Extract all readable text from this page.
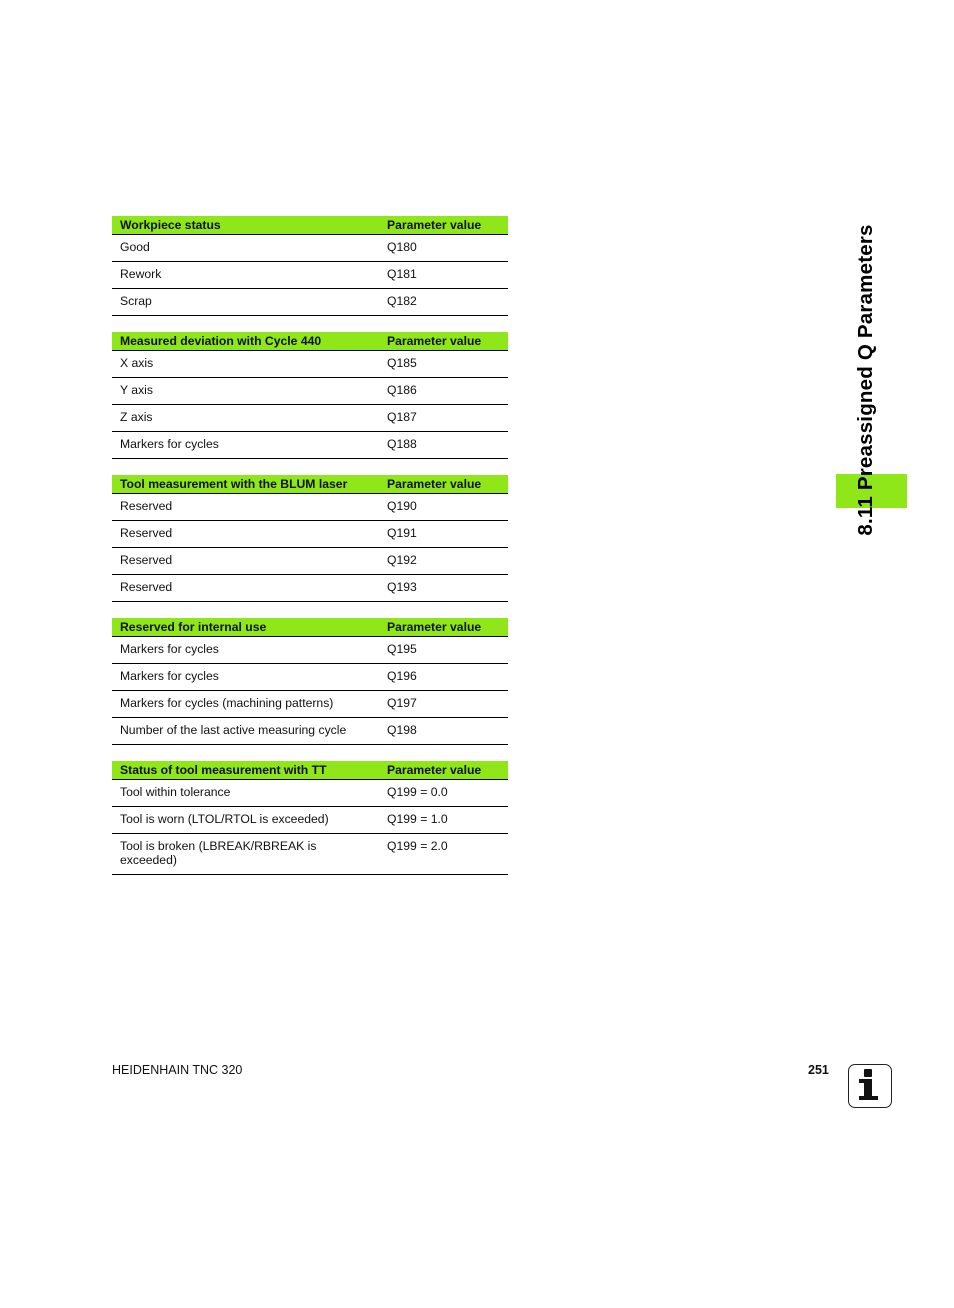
Workpiece status	Parameter value
Good	Q180
Rework	Q181
Scrap	Q182
Measured deviation with Cycle 440	Parameter value
X axis	Q185
Y axis	Q186
Z axis	Q187
Markers for cycles	Q188
Tool measurement with the BLUM laser	Parameter value
Reserved	Q190
Reserved	Q191
Reserved	Q192
Reserved	Q193
Reserved for internal use	Parameter value
Markers for cycles	Q195
Markers for cycles	Q196
Markers for cycles (machining patterns)	Q197
Number of the last active measuring cycle	Q198
Status of tool measurement with TT	Parameter value
Tool within tolerance	Q199 = 0.0
Tool is worn (LTOL/RTOL is exceeded)	Q199 = 1.0
Tool is broken (LBREAK/RBREAK is exceeded)	Q199 = 2.0
8.11 Preassigned Q Parameters
HEIDENHAIN TNC 320	251
